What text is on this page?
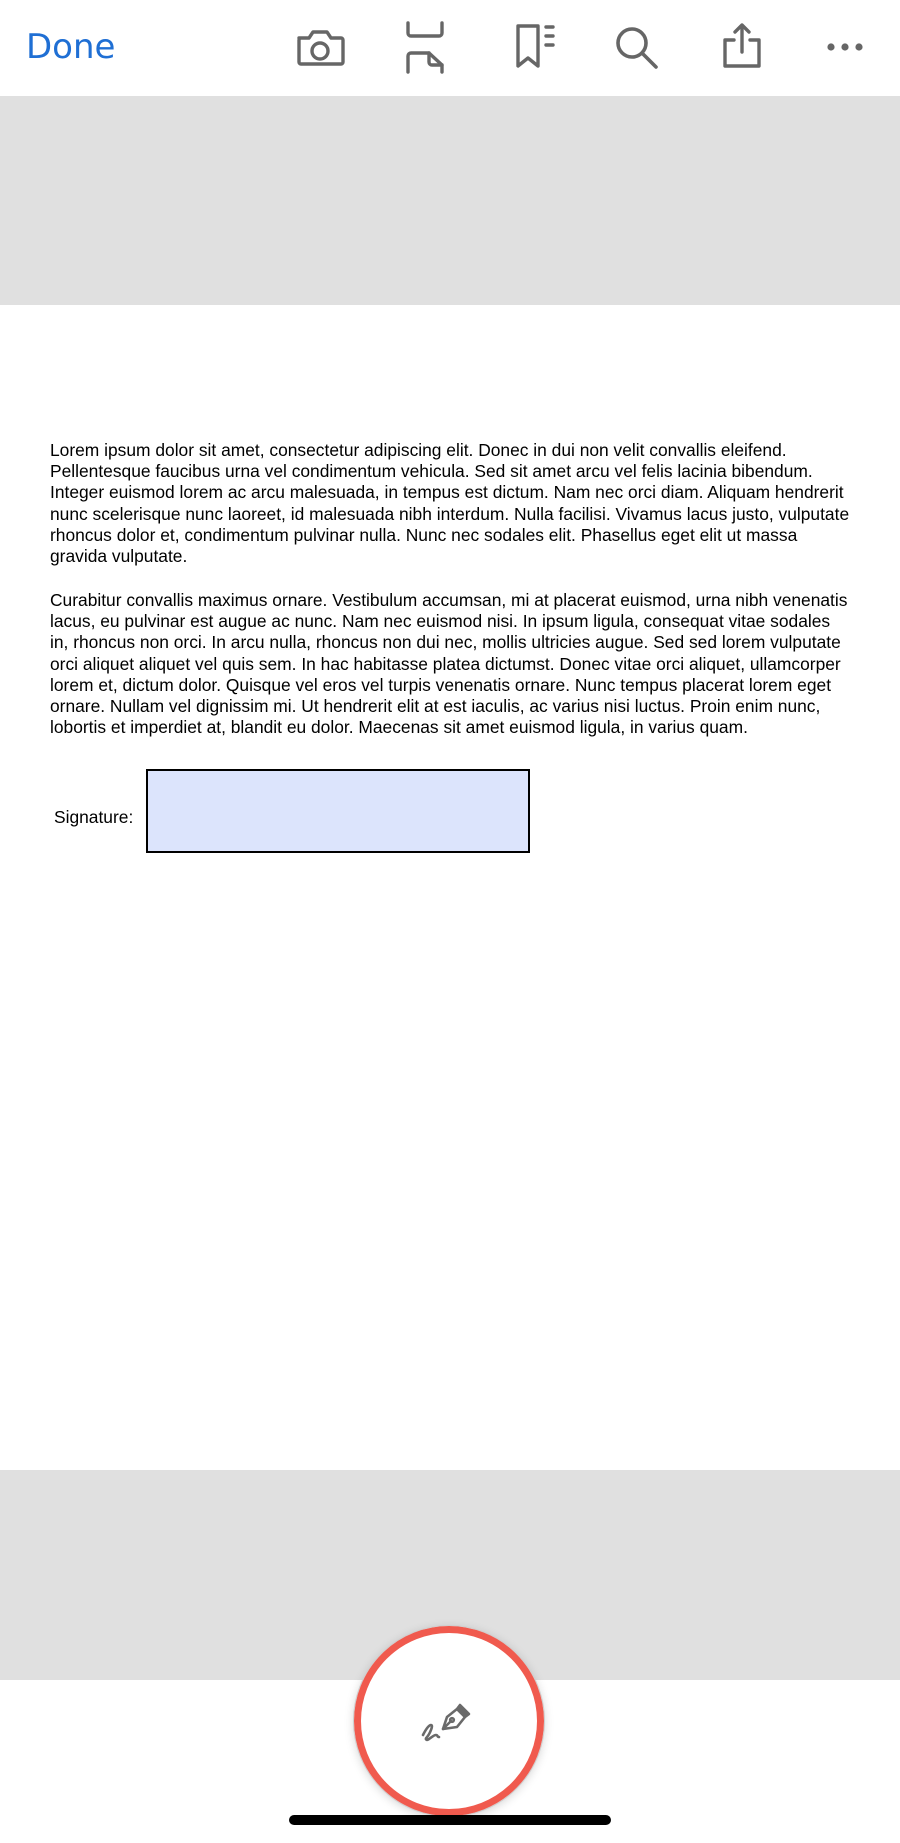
Done

Lorem ipsum dolor sit amet, consectetur adipiscing elit. Donec in dui non velit convallis eleifend. Pellentesque faucibus urna vel condimentum vehicula. Sed sit amet arcu vel felis lacinia bibendum. Integer euismod lorem ac arcu malesuada, in tempus est dictum. Nam nec orci diam. Aliquam hendrerit nunc scelerisque nunc laoreet, id malesuada nibh interdum. Nulla facilisi. Vivamus lacus justo, vulputate rhoncus dolor et, condimentum pulvinar nulla. Nunc nec sodales elit. Phasellus eget elit ut massa gravida vulputate.

Curabitur convallis maximus ornare. Vestibulum accumsan, mi at placerat euismod, urna nibh venenatis lacus, eu pulvinar est augue ac nunc. Nam nec euismod nisi. In ipsum ligula, consequat vitae sodales in, rhoncus non orci. In arcu nulla, rhoncus non dui nec, mollis ultricies augue. Sed sed lorem vulputate orci aliquet aliquet vel quis sem. In hac habitasse platea dictumst. Donec vitae orci aliquet, ullamcorper lorem et, dictum dolor. Quisque vel eros vel turpis venenatis ornare. Nunc tempus placerat lorem eget ornare. Nullam vel dignissim mi. Ut hendrerit elit at est iaculis, ac varius nisi luctus. Proin enim nunc, lobortis et imperdiet at, blandit eu dolor. Maecenas sit amet euismod ligula, in varius quam.

Signature:
